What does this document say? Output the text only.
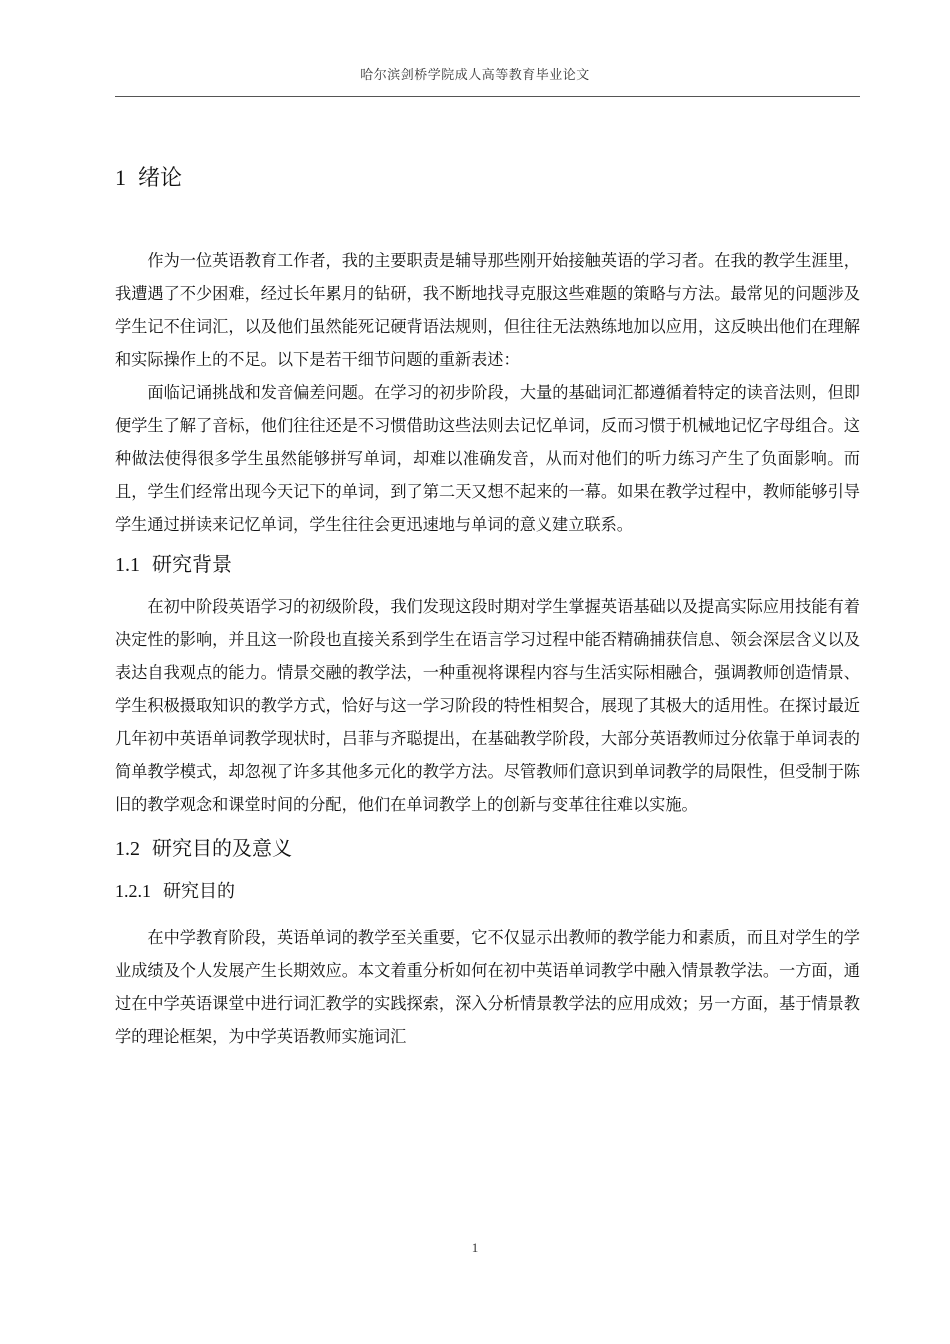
哈尔滨剑桥学院成人高等教育毕业论文
1 绪论

作为一位英语教育工作者，我的主要职责是辅导那些刚开始接触英语的学习者。在我的教学生涯里，我遭遇了不少困难，经过长年累月的钻研，我不断地找寻克服这些难题的策略与方法。最常见的问题涉及学生记不住词汇，以及他们虽然能死记硬背语法规则，但往往无法熟练地加以应用，这反映出他们在理解和实际操作上的不足。以下是若干细节问题的重新表述：

面临记诵挑战和发音偏差问题。在学习的初步阶段，大量的基础词汇都遵循着特定的读音法则，但即便学生了解了音标，他们往往还是不习惯借助这些法则去记忆单词，反而习惯于机械地记忆字母组合。这种做法使得很多学生虽然能够拼写单词，却难以准确发音，从而对他们的听力练习产生了负面影响。而且，学生们经常出现今天记下的单词，到了第二天又想不起来的一幕。如果在教学过程中，教师能够引导学生通过拼读来记忆单词，学生往往会更迅速地与单词的意义建立联系。

1.1 研究背景

在初中阶段英语学习的初级阶段，我们发现这段时期对学生掌握英语基础以及提高实际应用技能有着决定性的影响，并且这一阶段也直接关系到学生在语言学习过程中能否精确捕获信息、领会深层含义以及表达自我观点的能力。情景交融的教学法，一种重视将课程内容与生活实际相融合，强调教师创造情景、学生积极摄取知识的教学方式，恰好与这一学习阶段的特性相契合，展现了其极大的适用性。在探讨最近几年初中英语单词教学现状时，吕菲与齐聪提出，在基础教学阶段，大部分英语教师过分依靠于单词表的简单教学模式，却忽视了许多其他多元化的教学方法。尽管教师们意识到单词教学的局限性，但受制于陈旧的教学观念和课堂时间的分配，他们在单词教学上的创新与变革往往难以实施。

1.2 研究目的及意义
1.2.1 研究目的

在中学教育阶段，英语单词的教学至关重要，它不仅显示出教师的教学能力和素质，而且对学生的学业成绩及个人发展产生长期效应。本文着重分析如何在初中英语单词教学中融入情景教学法。一方面，通过在中学英语课堂中进行词汇教学的实践探索，深入分析情景教学法的应用成效；另一方面，基于情景教学的理论框架，为中学英语教师实施词汇

1
